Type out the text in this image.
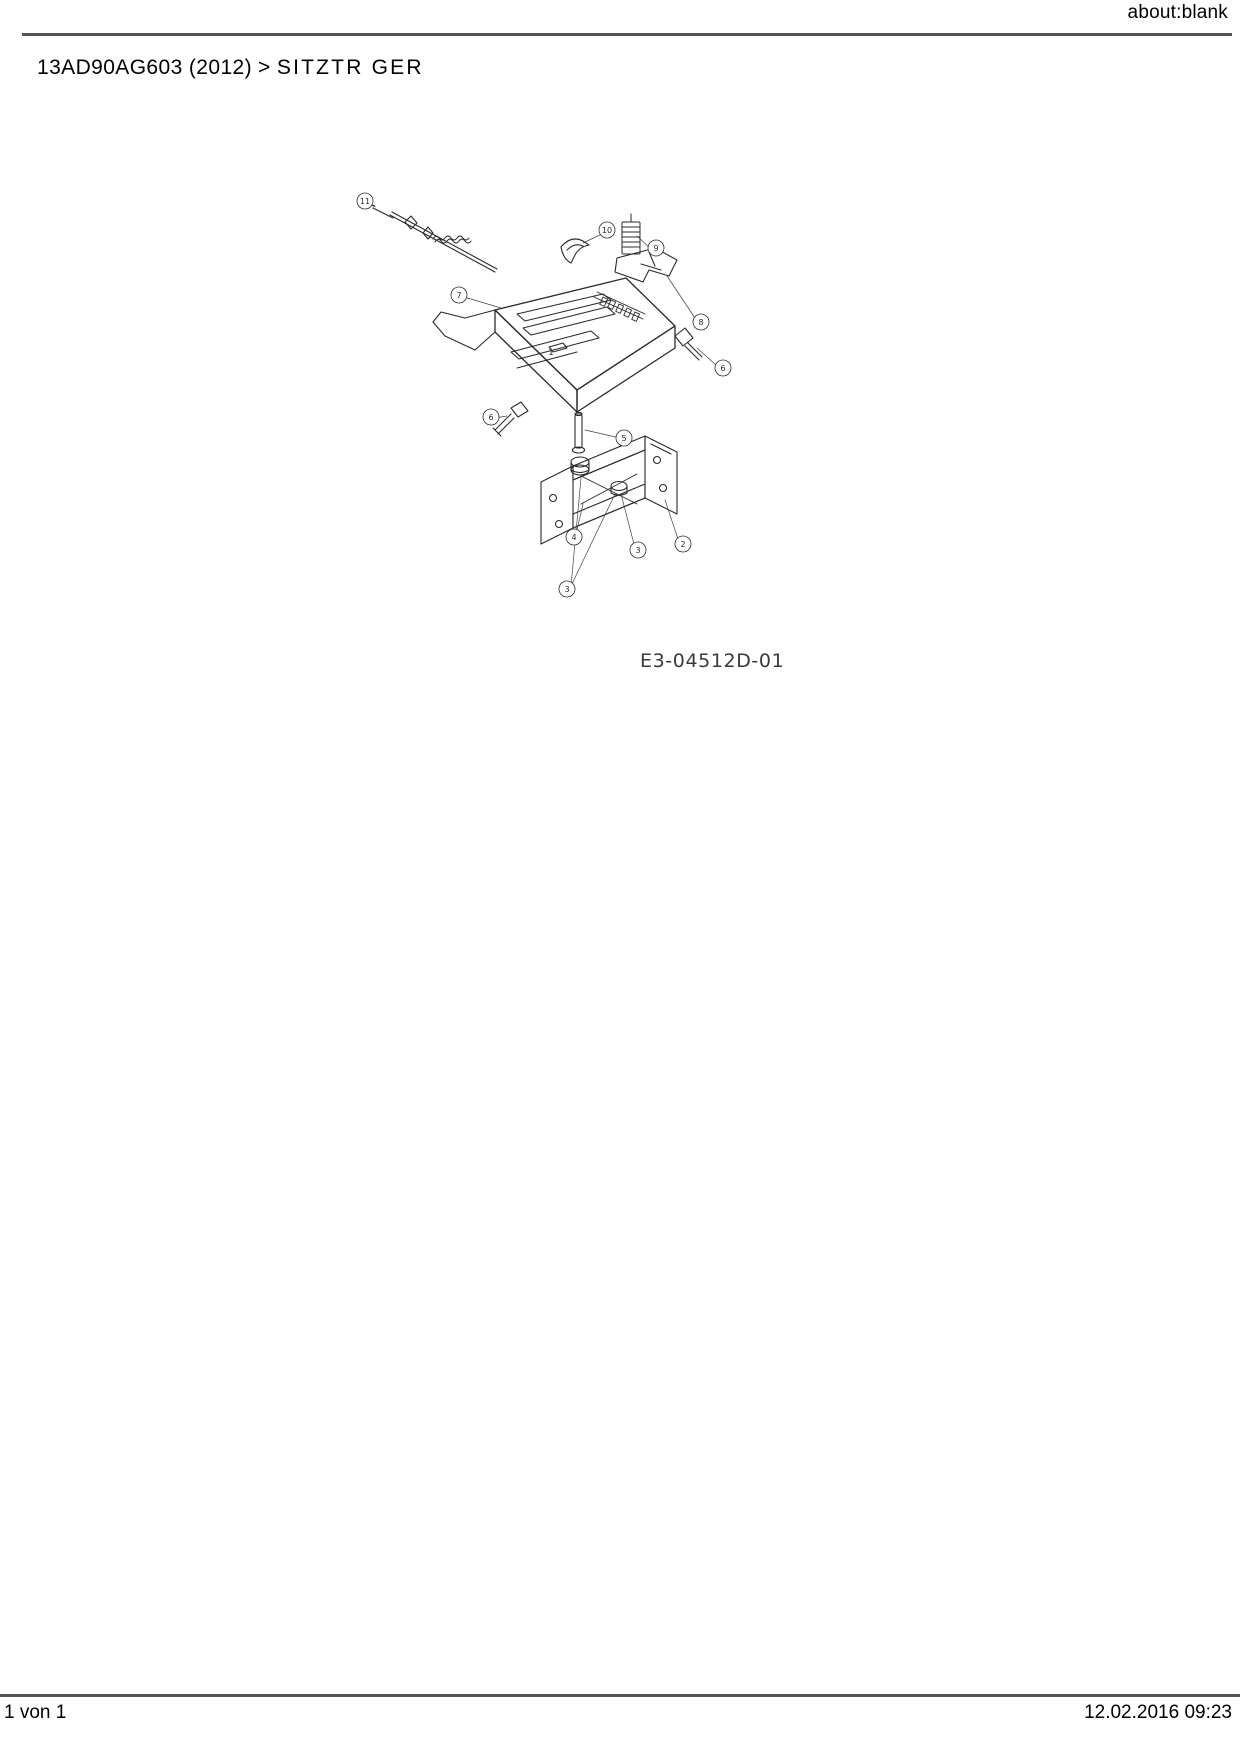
about:blank
13AD90AG603 (2012) > SITZTR GER
11
10
9
8
7
6
6
5
4
3
2
3
1
E3-04512D-01
1 von 1	12.02.2016 09:23
